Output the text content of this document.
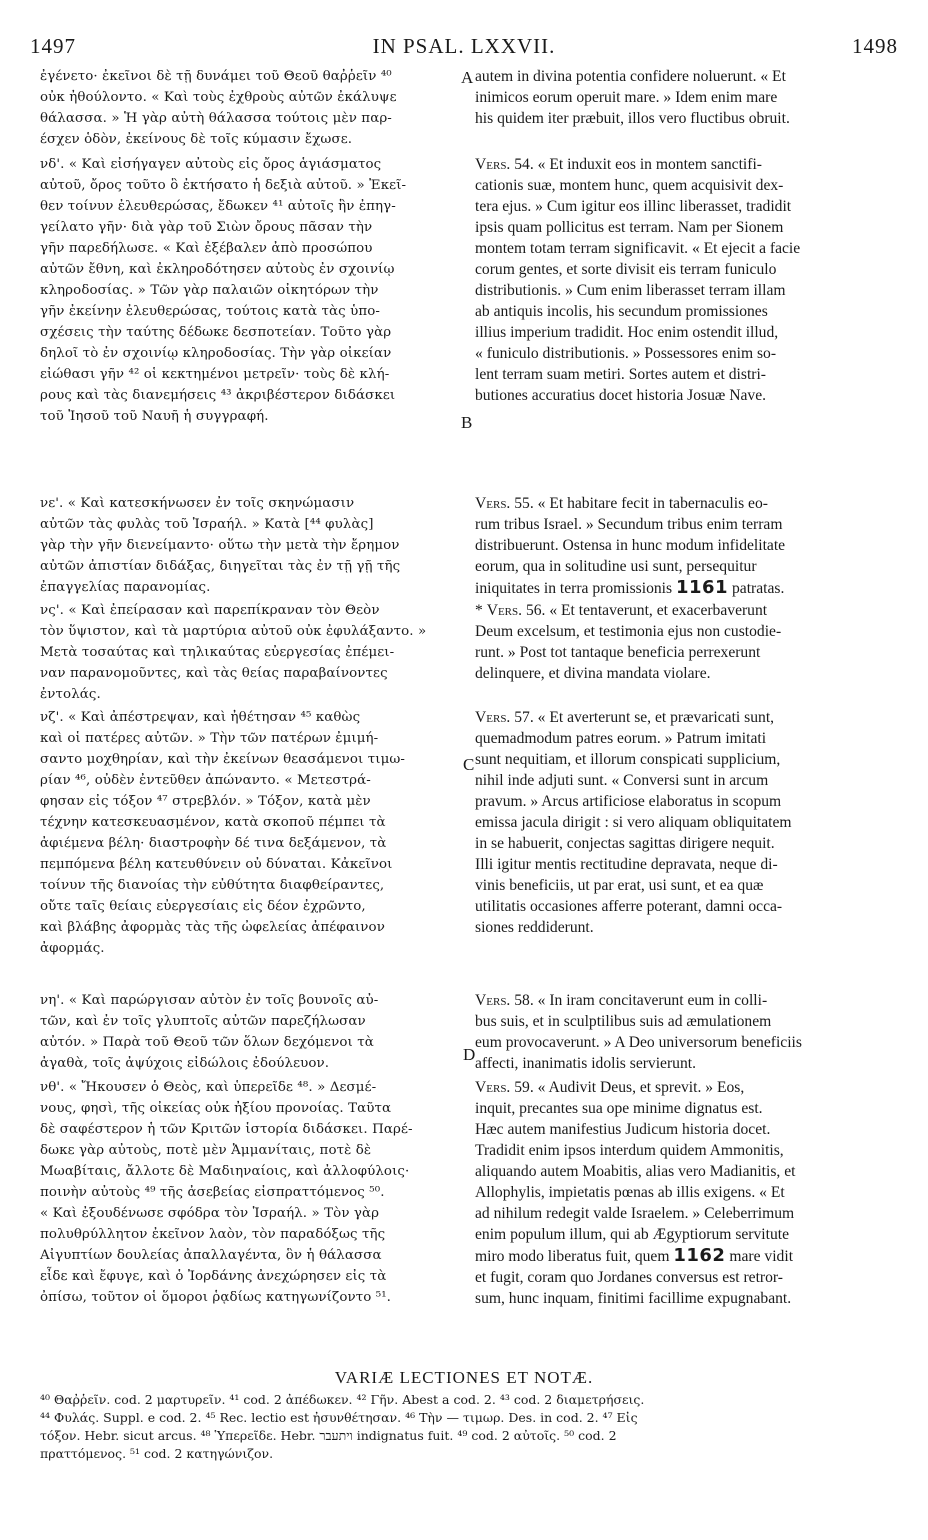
1497	IN PSAL. LXXVII.	1498
A
B
C
D

ἐγένετο· ἐκεῖνοι δὲ τῇ δυνάμει τοῦ Θεοῦ θαῤῥεῖν ⁴⁰
οὐκ ἠθούλοντο. « Καὶ τοὺς ἐχθροὺς αὐτῶν ἐκάλυψε
θάλασσα. » Ἡ γὰρ αὐτὴ θάλασσα τούτοις μὲν παρ-
έσχεν ὁδὸν, ἐκείνους δὲ τοῖς κύμασιν ἔχωσε.

νδ'. « Καὶ εἰσήγαγεν αὐτοὺς εἰς ὄρος ἁγιάσματος
αὐτοῦ, ὄρος τοῦτο ὃ ἐκτήσατο ἡ δεξιὰ αὐτοῦ. » Ἐκεῖ-
θεν τοίνυν ἐλευθερώσας, ἔδωκεν ⁴¹ αὐτοῖς ἣν ἐπηγ-
γείλατο γῆν· διὰ γὰρ τοῦ Σιὼν ὄρους πᾶσαν τὴν
γῆν παρεδήλωσε. « Καὶ ἐξέβαλεν ἀπὸ προσώπου
αὐτῶν ἔθνη, καὶ ἐκληροδότησεν αὐτοὺς ἐν σχοινίῳ
κληροδοσίας. » Τῶν γὰρ παλαιῶν οἰκητόρων τὴν
γῆν ἐκείνην ἐλευθερώσας, τούτοις κατὰ τὰς ὑπο-
σχέσεις τὴν ταύτης δέδωκε δεσποτείαν. Τοῦτο γὰρ
δηλοῖ τὸ ἐν σχοινίῳ κληροδοσίας. Τὴν γὰρ οἰκείαν
εἰώθασι γῆν ⁴² οἱ κεκτημένοι μετρεῖν· τοὺς δὲ κλή-
ρους καὶ τὰς διανεμήσεις ⁴³ ἀκριβέστερον διδάσκει
τοῦ Ἰησοῦ τοῦ Ναυῆ ἡ συγγραφή.

νε'. « Καὶ κατεσκήνωσεν ἐν τοῖς σκηνώμασιν
αὐτῶν τὰς φυλὰς τοῦ Ἰσραήλ. » Κατὰ [⁴⁴ φυλὰς]
γὰρ τὴν γῆν διενείμαντο· οὕτω τὴν μετὰ τὴν ἔρημον
αὐτῶν ἀπιστίαν διδάξας, διηγεῖται τὰς ἐν τῇ γῇ τῆς
ἐπαγγελίας παρανομίας.

νς'. « Καὶ ἐπείρασαν καὶ παρεπίκραναν τὸν Θεὸν
τὸν ὕψιστον, καὶ τὰ μαρτύρια αὐτοῦ οὐκ ἐφυλάξαντο. »
Μετὰ τοσαύτας καὶ τηλικαύτας εὐεργεσίας ἐπέμει-
ναν παρανομοῦντες, καὶ τὰς θείας παραβαίνοντες
ἐντολάς.

νζ'. « Καὶ ἀπέστρεψαν, καὶ ἠθέτησαν ⁴⁵ καθὼς
καὶ οἱ πατέρες αὐτῶν. » Τὴν τῶν πατέρων ἐμιμή-
σαντο μοχθηρίαν, καὶ τὴν ἐκείνων θεασάμενοι τιμω-
ρίαν ⁴⁶, οὐδὲν ἐντεῦθεν ἀπώναντο. « Μετεστρά-
φησαν εἰς τόξον ⁴⁷ στρεβλόν. » Τόξον, κατὰ μὲν
τέχνην κατεσκευασμένον, κατὰ σκοποῦ πέμπει τὰ
ἀφιέμενα βέλη· διαστροφὴν δέ τινα δεξάμενον, τὰ
πεμπόμενα βέλη κατευθύνειν οὐ δύναται. Κἀκεῖνοι
τοίνυν τῆς διανοίας τὴν εὐθύτητα διαφθείραντες,
οὔτε ταῖς θείαις εὐεργεσίαις εἰς δέον ἐχρῶντο,
καὶ βλάβης ἀφορμὰς τὰς τῆς ὠφελείας ἀπέφαινον
ἀφορμάς.

νη'. « Καὶ παρώργισαν αὐτὸν ἐν τοῖς βουνοῖς αὐ-
τῶν, καὶ ἐν τοῖς γλυπτοῖς αὐτῶν παρεζήλωσαν
αὐτόν. » Παρὰ τοῦ Θεοῦ τῶν ὅλων δεχόμενοι τὰ
ἀγαθὰ, τοῖς ἀψύχοις εἰδώλοις ἐδούλευον.

νθ'. « Ἤκουσεν ὁ Θεὸς, καὶ ὑπερεῖδε ⁴⁸. » Δεσμέ-
νους, φησὶ, τῆς οἰκείας οὐκ ἠξίου προνοίας. Ταῦτα
δὲ σαφέστερον ἡ τῶν Κριτῶν ἱστορία διδάσκει. Παρέ-
δωκε γὰρ αὐτοὺς, ποτὲ μὲν Ἀμμανίταις, ποτὲ δὲ
Μωαβίταις, ἄλλοτε δὲ Μαδιηναίοις, καὶ ἀλλοφύλοις·
ποινὴν αὐτοὺς ⁴⁹ τῆς ἀσεβείας εἰσπραττόμενος ⁵⁰.
« Καὶ ἐξουδένωσε σφόδρα τὸν Ἰσραήλ. » Τὸν γὰρ
πολυθρύλλητον ἐκεῖνον λαὸν, τὸν παραδόξως τῆς
Αἰγυπτίων δουλείας ἀπαλλαγέντα, ὃν ἡ θάλασσα
εἶδε καὶ ἔφυγε, καὶ ὁ Ἰορδάνης ἀνεχώρησεν εἰς τὰ
ὀπίσω, τοῦτον οἱ ὅμοροι ῥᾳδίως κατηγωνίζοντο ⁵¹.

autem in divina potentia confidere noluerunt. « Et
inimicos eorum operuit mare. » Idem enim mare
his quidem iter præbuit, illos vero fluctibus obruit.

Vers. 54. « Et induxit eos in montem sanctifi-
cationis suæ, montem hunc, quem acquisivit dex-
tera ejus. » Cum igitur eos illinc liberasset, tradidit
ipsis quam pollicitus est terram. Nam per Sionem
montem totam terram significavit. « Et ejecit a facie
corum gentes, et sorte divisit eis terram funiculo
distributionis. » Cum enim liberasset terram illam
ab antiquis incolis, his secundum promissiones
illius imperium tradidit. Hoc enim ostendit illud,
« funiculo distributionis. » Possessores enim so-
lent terram suam metiri. Sortes autem et distri-
butiones accuratius docet historia Josuæ Nave.

Vers. 55. « Et habitare fecit in tabernaculis eo-
rum tribus Israel. » Secundum tribus enim terram
distribuerunt. Ostensa in hunc modum infidelitate
eorum, qua in solitudine usi sunt, persequitur
iniquitates in terra promissionis 1161 patratas.

* Vers. 56. « Et tentaverunt, et exacerbaverunt
Deum excelsum, et testimonia ejus non custodie-
runt. » Post tot tantaque beneficia perrexerunt
delinquere, et divina mandata violare.

Vers. 57. « Et averterunt se, et prævaricati sunt,
quemadmodum patres eorum. » Patrum imitati
sunt nequitiam, et illorum conspicati supplicium,
nihil inde adjuti sunt. « Conversi sunt in arcum
pravum. » Arcus artificiose elaboratus in scopum
emissa jacula dirigit : si vero aliquam obliquitatem
in se habuerit, conjectas sagittas dirigere nequit.
Illi igitur mentis rectitudine depravata, neque di-
vinis beneficiis, ut par erat, usi sunt, et ea quæ
utilitatis occasiones afferre poterant, damni occa-
siones reddiderunt.

Vers. 58. « In iram concitaverunt eum in colli-
bus suis, et in sculptilibus suis ad æmulationem
eum provocaverunt. » A Deo universorum beneficiis
affecti, inanimatis idolis servierunt.

Vers. 59. « Audivit Deus, et sprevit. » Eos,
inquit, precantes sua ope minime dignatus est.
Hæc autem manifestius Judicum historia docet.
Tradidit enim ipsos interdum quidem Ammonitis,
aliquando autem Moabitis, alias vero Madianitis, et
Allophylis, impietatis pœnas ab illis exigens. « Et
ad nihilum redegit valde Israelem. » Celeberrimum
enim populum illum, qui ab Ægyptiorum servitute
miro modo liberatus fuit, quem 1162 mare vidit
et fugit, coram quo Jordanes conversus est retror-
sum, hunc inquam, finitimi facillime expugnabant.

VARIÆ LECTIONES ET NOTÆ.
⁴⁰ Θαῤῥεῖν. cod. 2 μαρτυρεῖν. ⁴¹ cod. 2 ἀπέδωκεν. ⁴² Γῆν. Abest a cod. 2. ⁴³ cod. 2 διαμετρήσεις.
⁴⁴ Φυλάς. Suppl. e cod. 2. ⁴⁵ Rec. lectio est ἠσυνθέτησαν. ⁴⁶ Τὴν — τιμωρ. Des. in cod. 2. ⁴⁷ Εἰς
τόξον. Hebr. sicut arcus. ⁴⁸ Ὑπερεῖδε. Hebr. ויתעבר indignatus fuit. ⁴⁹ cod. 2 αὐτοῖς. ⁵⁰ cod. 2
πραττόμενος. ⁵¹ cod. 2 κατηγώνιζον.
